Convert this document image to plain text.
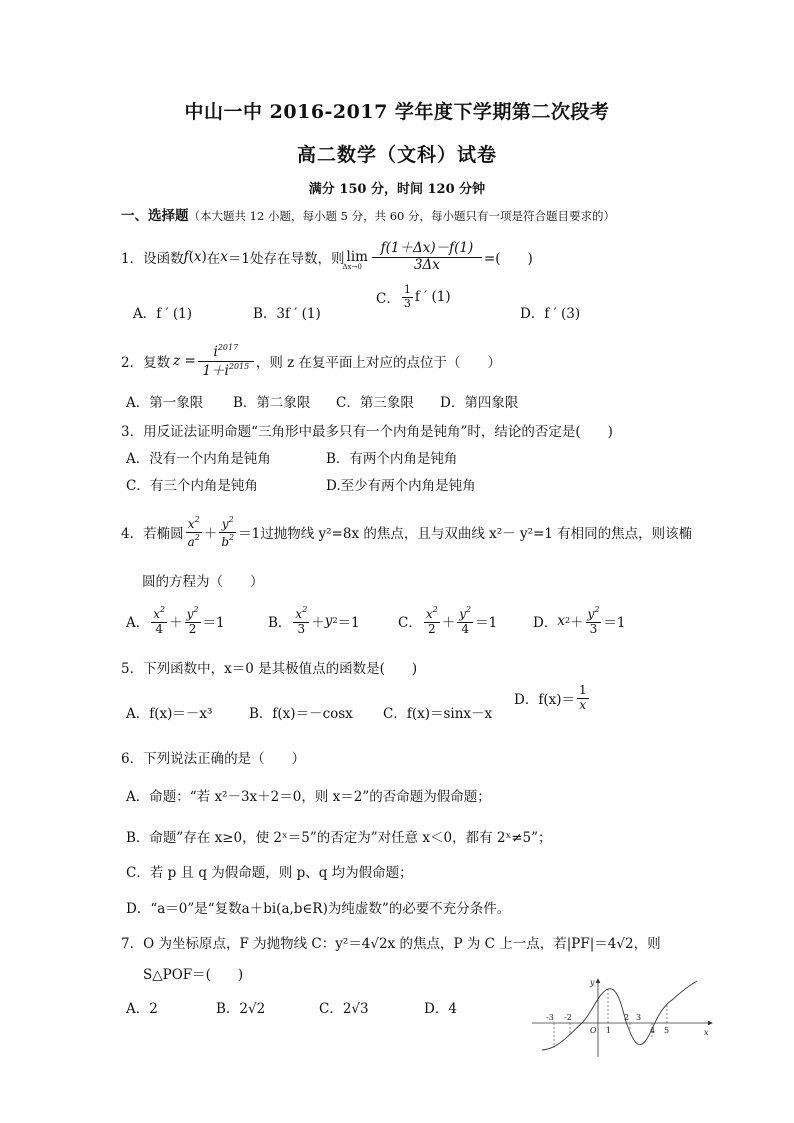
中山一中 2016-2017 学年度下学期第二次段考
高二数学（文科）试卷
满分 150 分，时间 120 分钟
一、选择题（本大题共 12 小题，每小题 5 分，共 60 分，每小题只有一项是符合题目要求的）
1．设函数 f ( x ) 在 x ＝1 处存在导数，则 lim
$\Delta x\to 0 \frac{f(1+\Delta x)-f(1)}{3\Delta x}$ =(　　)
A．f ′ (1)	B．3f ′ (1)
C． $\frac{1}{3}$ f ′ (1)
D．f ′ (3)
2．复数 $z = \frac{i^{2017}}{1+i^{2015}}$ ，则 z 在复平面上对应的点位于（　　）
A．第一象限 B．第二象限 C．第三象限 D．第四象限
3．用反证法证明命题“三角形中最多只有一个内角是钝角”时，结论的否定是(　　)
A．没有一个内角是钝角	B．有两个内角是钝角
C．有三个内角是钝角	D.至少有两个内角是钝角
4．若椭圆 $\frac{x^2}{a^2} + \frac{y^2}{b^2} =1$过抛物线 y²=8x 的焦点，且与双曲线 x²－ y²=1 有相同的焦点，则该椭
圆的方程为（　　）
A． $\frac{x^2}{4} + \frac{y^2}{2} =1$	B． $\frac{x^2}{3} + y$ 2 ＝1	C． $\frac{x^2}{2} + \frac{y^2}{4} =1$	D． x $2 + \frac{y^2}{3} =1$
5．下列函数中，x＝0 是其极值点的函数是(　　)
A．f(x)＝－x³	B．f(x)＝－cosx C．f(x)＝sinx－x
D．$f(x)= \frac{1}{x}$
6．下列说法正确的是（　　）
A．命题：“若 x²－3x＋2＝0，则 x＝2”的否命题为假命题；
B．命题”存在 x≥0，使 2ˣ＝5”的否定为”对任意 x＜0，都有 2ˣ≠5”；
C．若 p 且 q 为假命题，则 p、q 均为假命题；
D．“a＝0”是“复数a＋bi(a,b∈R)为纯虚数”的必要不充分条件。
7．O 为坐标原点，F 为抛物线 C：y²＝4√2x 的焦点，P 为 C 上一点，若|PF|＝4√2，则
S△POF＝(　　)
A．2	B．2√2	C．2√3	D．4
-3 -2
O 1
2 3
4 5	x
y
